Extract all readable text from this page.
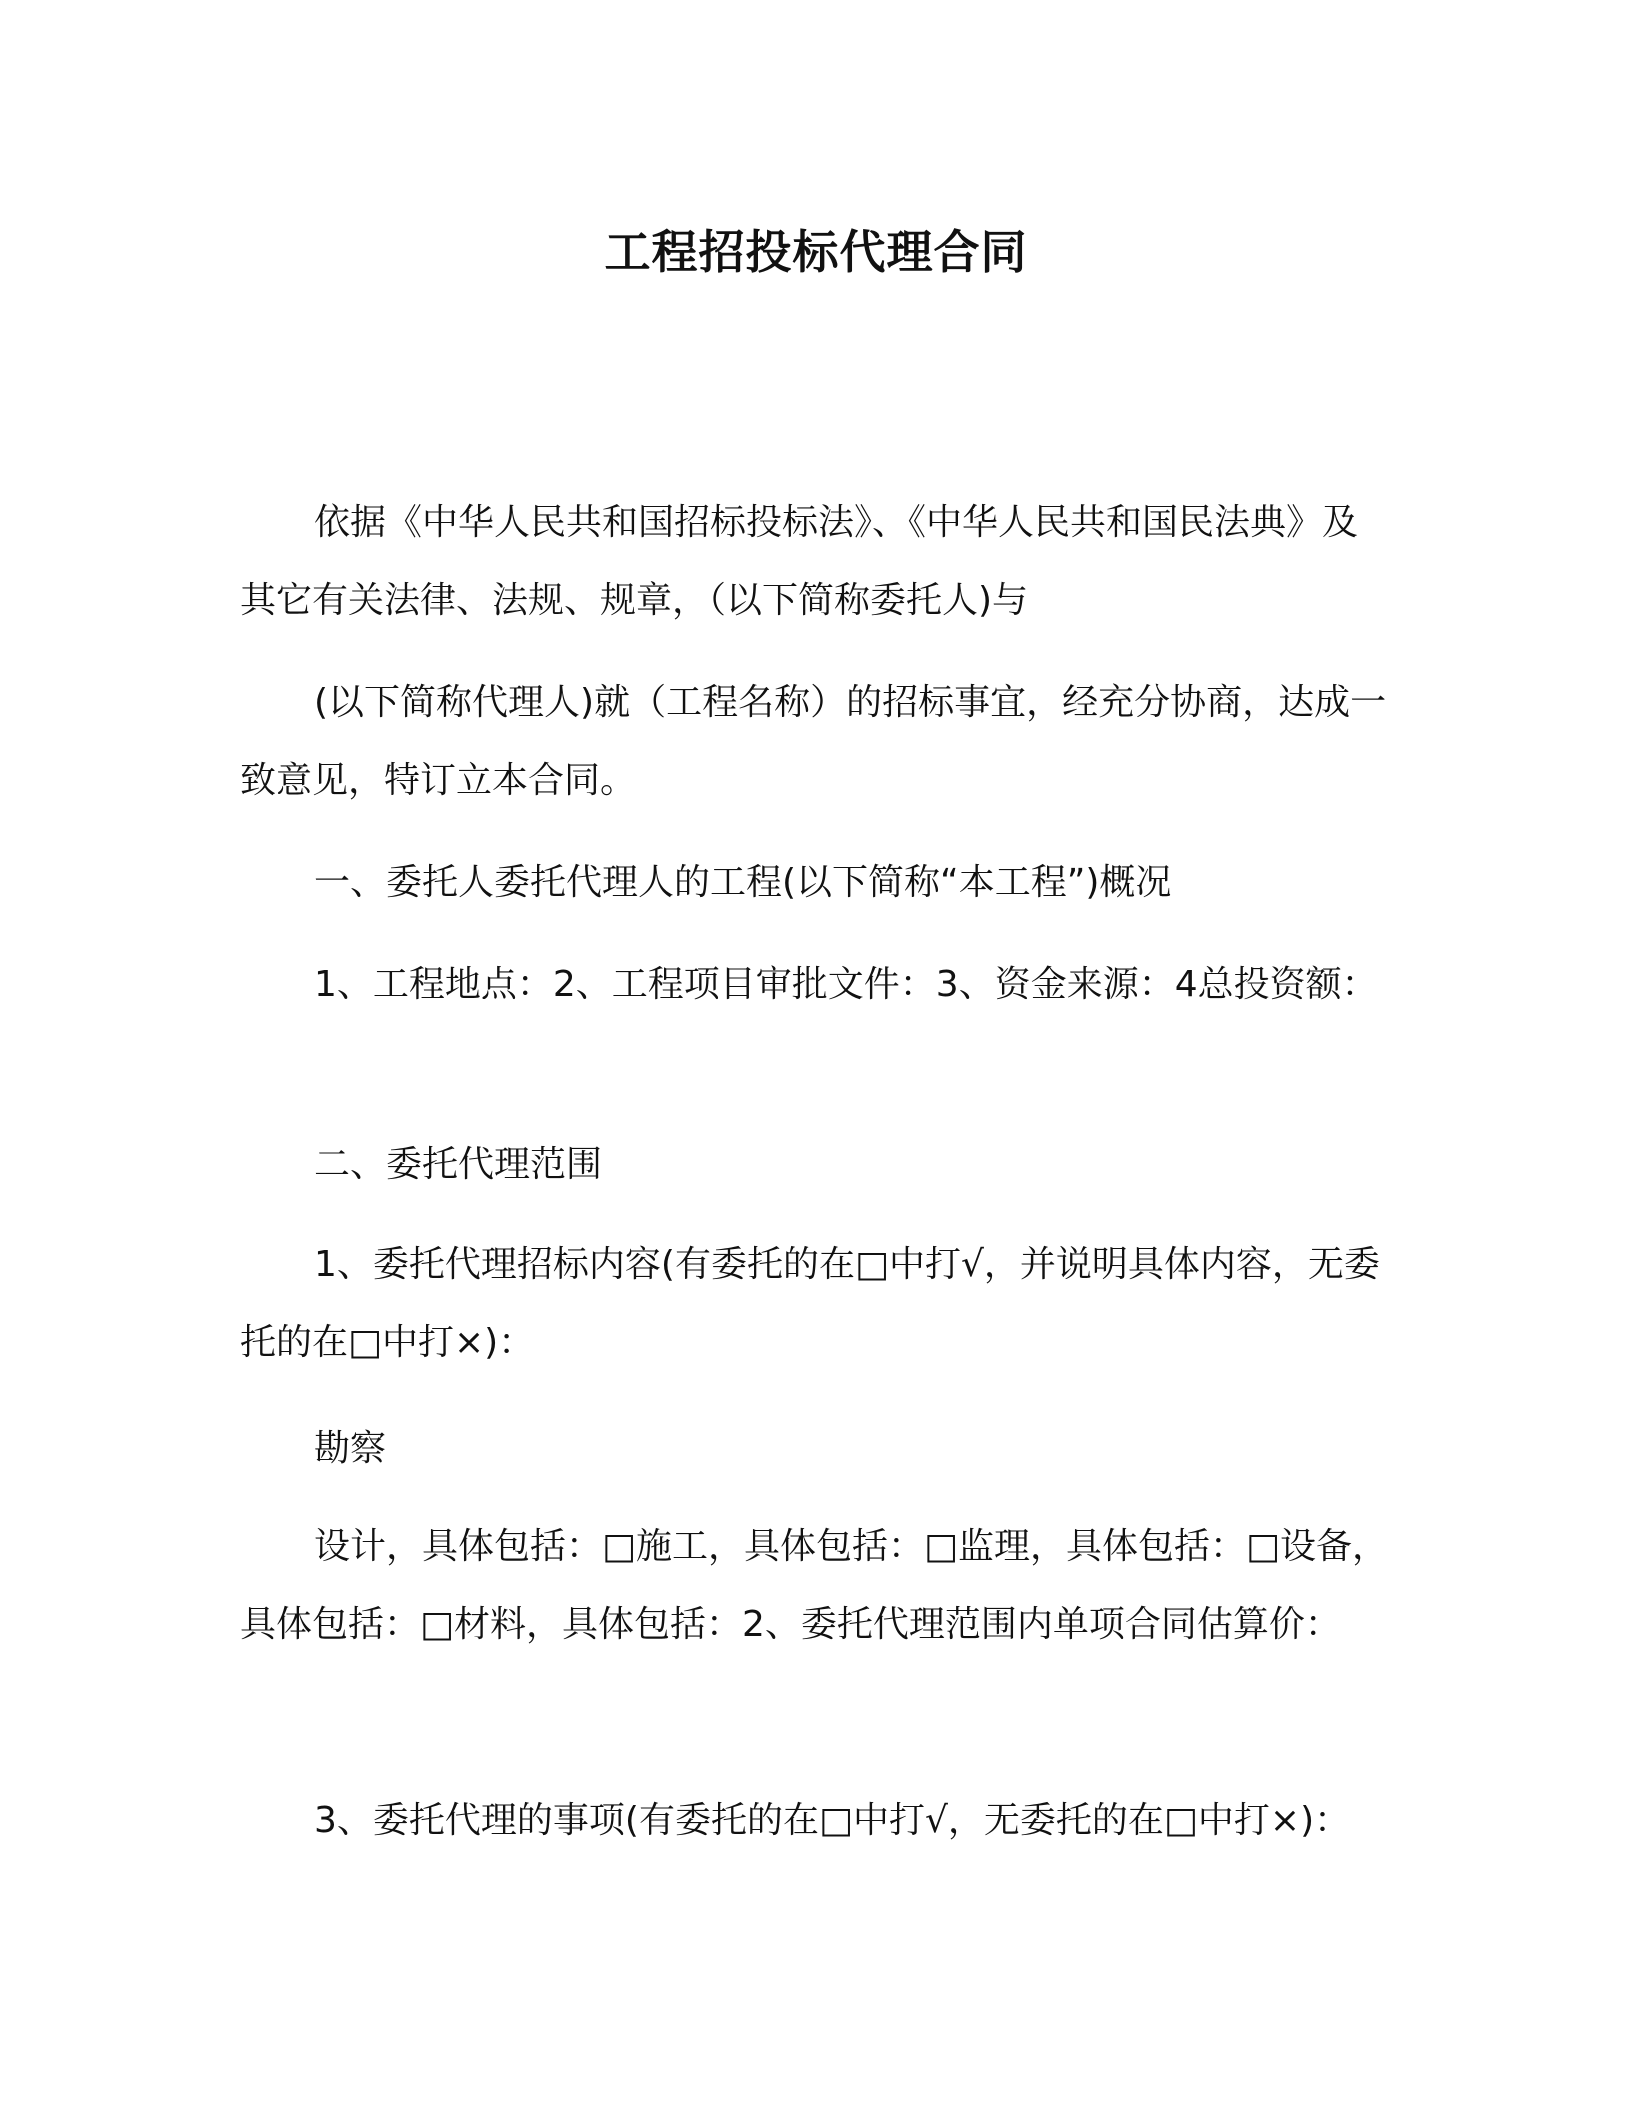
工程招投标代理合同
依据《中华人民共和国招标投标法》、《中华人民共和国民法典》及其它有关法律、法规、规章，（以下简称委托人)与
(以下简称代理人)就（工程名称）的招标事宜，经充分协商，达成一致意见，特订立本合同。
一、委托人委托代理人的工程(以下简称“本工程”)概况
1、工程地点：2、工程项目审批文件：3、资金来源：4总投资额：
二、委托代理范围
1、委托代理招标内容(有委托的在□中打√，并说明具体内容，无委托的在□中打×)：
勘察
设计，具体包括：□施工，具体包括：□监理，具体包括：□设备，具体包括：□材料，具体包括：2、委托代理范围内单项合同估算价：
3、委托代理的事项(有委托的在□中打√，无委托的在□中打×)：
